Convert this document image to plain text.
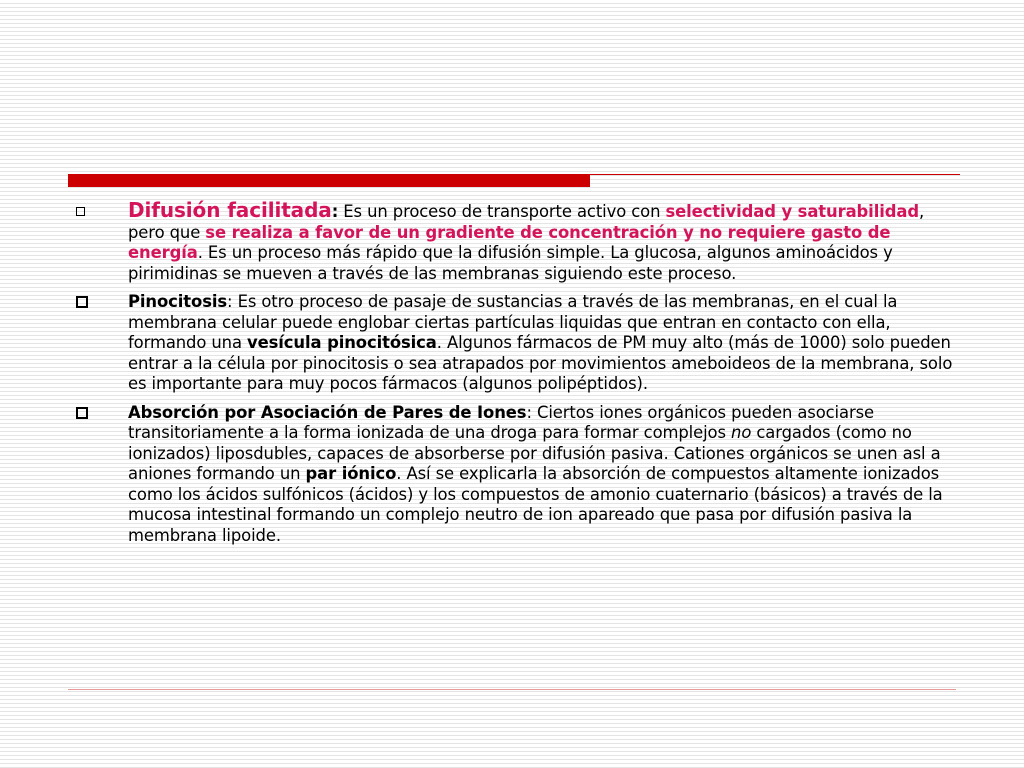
Difusión facilitada: Es un proceso de transporte activo con selectividad y saturabilidad, pero que se realiza a favor de un gradiente de concentración y no requiere gasto de energía. Es un proceso más rápido que la difusión simple. La glucosa, algunos aminoácidos y pirimidinas se mueven a través de las membranas siguiendo este proceso.
Pinocitosis: Es otro proceso de pasaje de sustancias a través de las membranas, en el cual la membrana celular puede englobar ciertas partículas liquidas que entran en contacto con ella, formando una vesícula pinocitósica. Algunos fármacos de PM muy alto (más de 1000) solo pueden entrar a la célula por pinocitosis o sea atrapados por movimientos ameboideos de la membrana, solo es importante para muy pocos fármacos (algunos polipéptidos).
Absorción por Asociación de Pares de Iones: Ciertos iones orgánicos pueden asociarse transitoriamente a la forma ionizada de una droga para formar complejos no cargados (como no ionizados) liposdubles, capaces de absorberse por difusión pasiva. Cationes orgánicos se unen asl a aniones formando un par iónico. Así se explicarla la absorción de compuestos altamente ionizados como los ácidos sulfónicos (ácidos) y los compuestos de amonio cuaternario (básicos) a través de la mucosa intestinal formando un complejo neutro de ion apareado que pasa por difusión pasiva la membrana lipoide.
